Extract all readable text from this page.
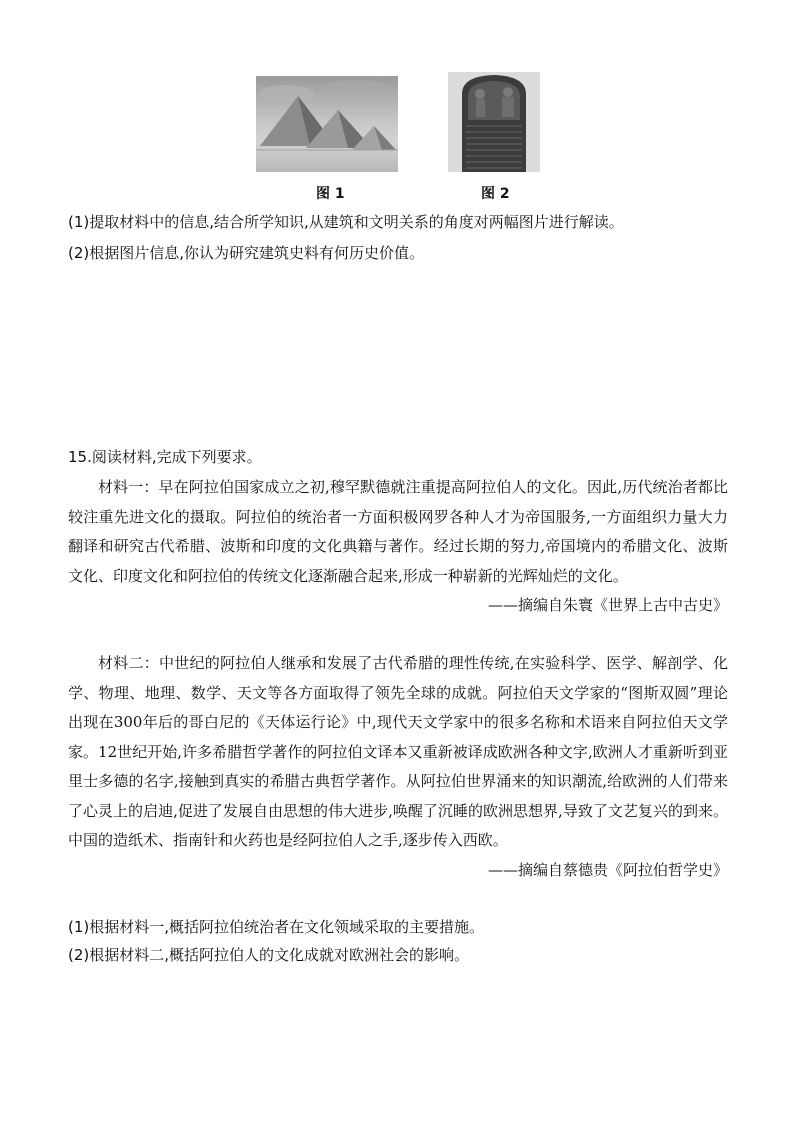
图 1	图 2
(1)提取材料中的信息,结合所学知识,从建筑和文明关系的角度对两幅图片进行解读。
(2)根据图片信息,你认为研究建筑史料有何历史价值。
15.阅读材料,完成下列要求。
材料一：早在阿拉伯国家成立之初,穆罕默德就注重提高阿拉伯人的文化。因此,历代统治者都比较注重先进文化的摄取。阿拉伯的统治者一方面积极网罗各种人才为帝国服务,一方面组织力量大力翻译和研究古代希腊、波斯和印度的文化典籍与著作。经过长期的努力,帝国境内的希腊文化、波斯文化、印度文化和阿拉伯的传统文化逐渐融合起来,形成一种崭新的光辉灿烂的文化。
——摘编自朱寰《世界上古中古史》
材料二：中世纪的阿拉伯人继承和发展了古代希腊的理性传统,在实验科学、医学、解剖学、化学、物理、地理、数学、天文等各方面取得了领先全球的成就。阿拉伯天文学家的“图斯双圆”理论出现在300年后的哥白尼的《天体运行论》中,现代天文学家中的很多名称和术语来自阿拉伯天文学家。12世纪开始,许多希腊哲学著作的阿拉伯文译本又重新被译成欧洲各种文字,欧洲人才重新听到亚里士多德的名字,接触到真实的希腊古典哲学著作。从阿拉伯世界涌来的知识潮流,给欧洲的人们带来了心灵上的启迪,促进了发展自由思想的伟大进步,唤醒了沉睡的欧洲思想界,导致了文艺复兴的到来。中国的造纸术、指南针和火药也是经阿拉伯人之手,逐步传入西欧。
——摘编自蔡德贵《阿拉伯哲学史》
(1)根据材料一,概括阿拉伯统治者在文化领域采取的主要措施。
(2)根据材料二,概括阿拉伯人的文化成就对欧洲社会的影响。
